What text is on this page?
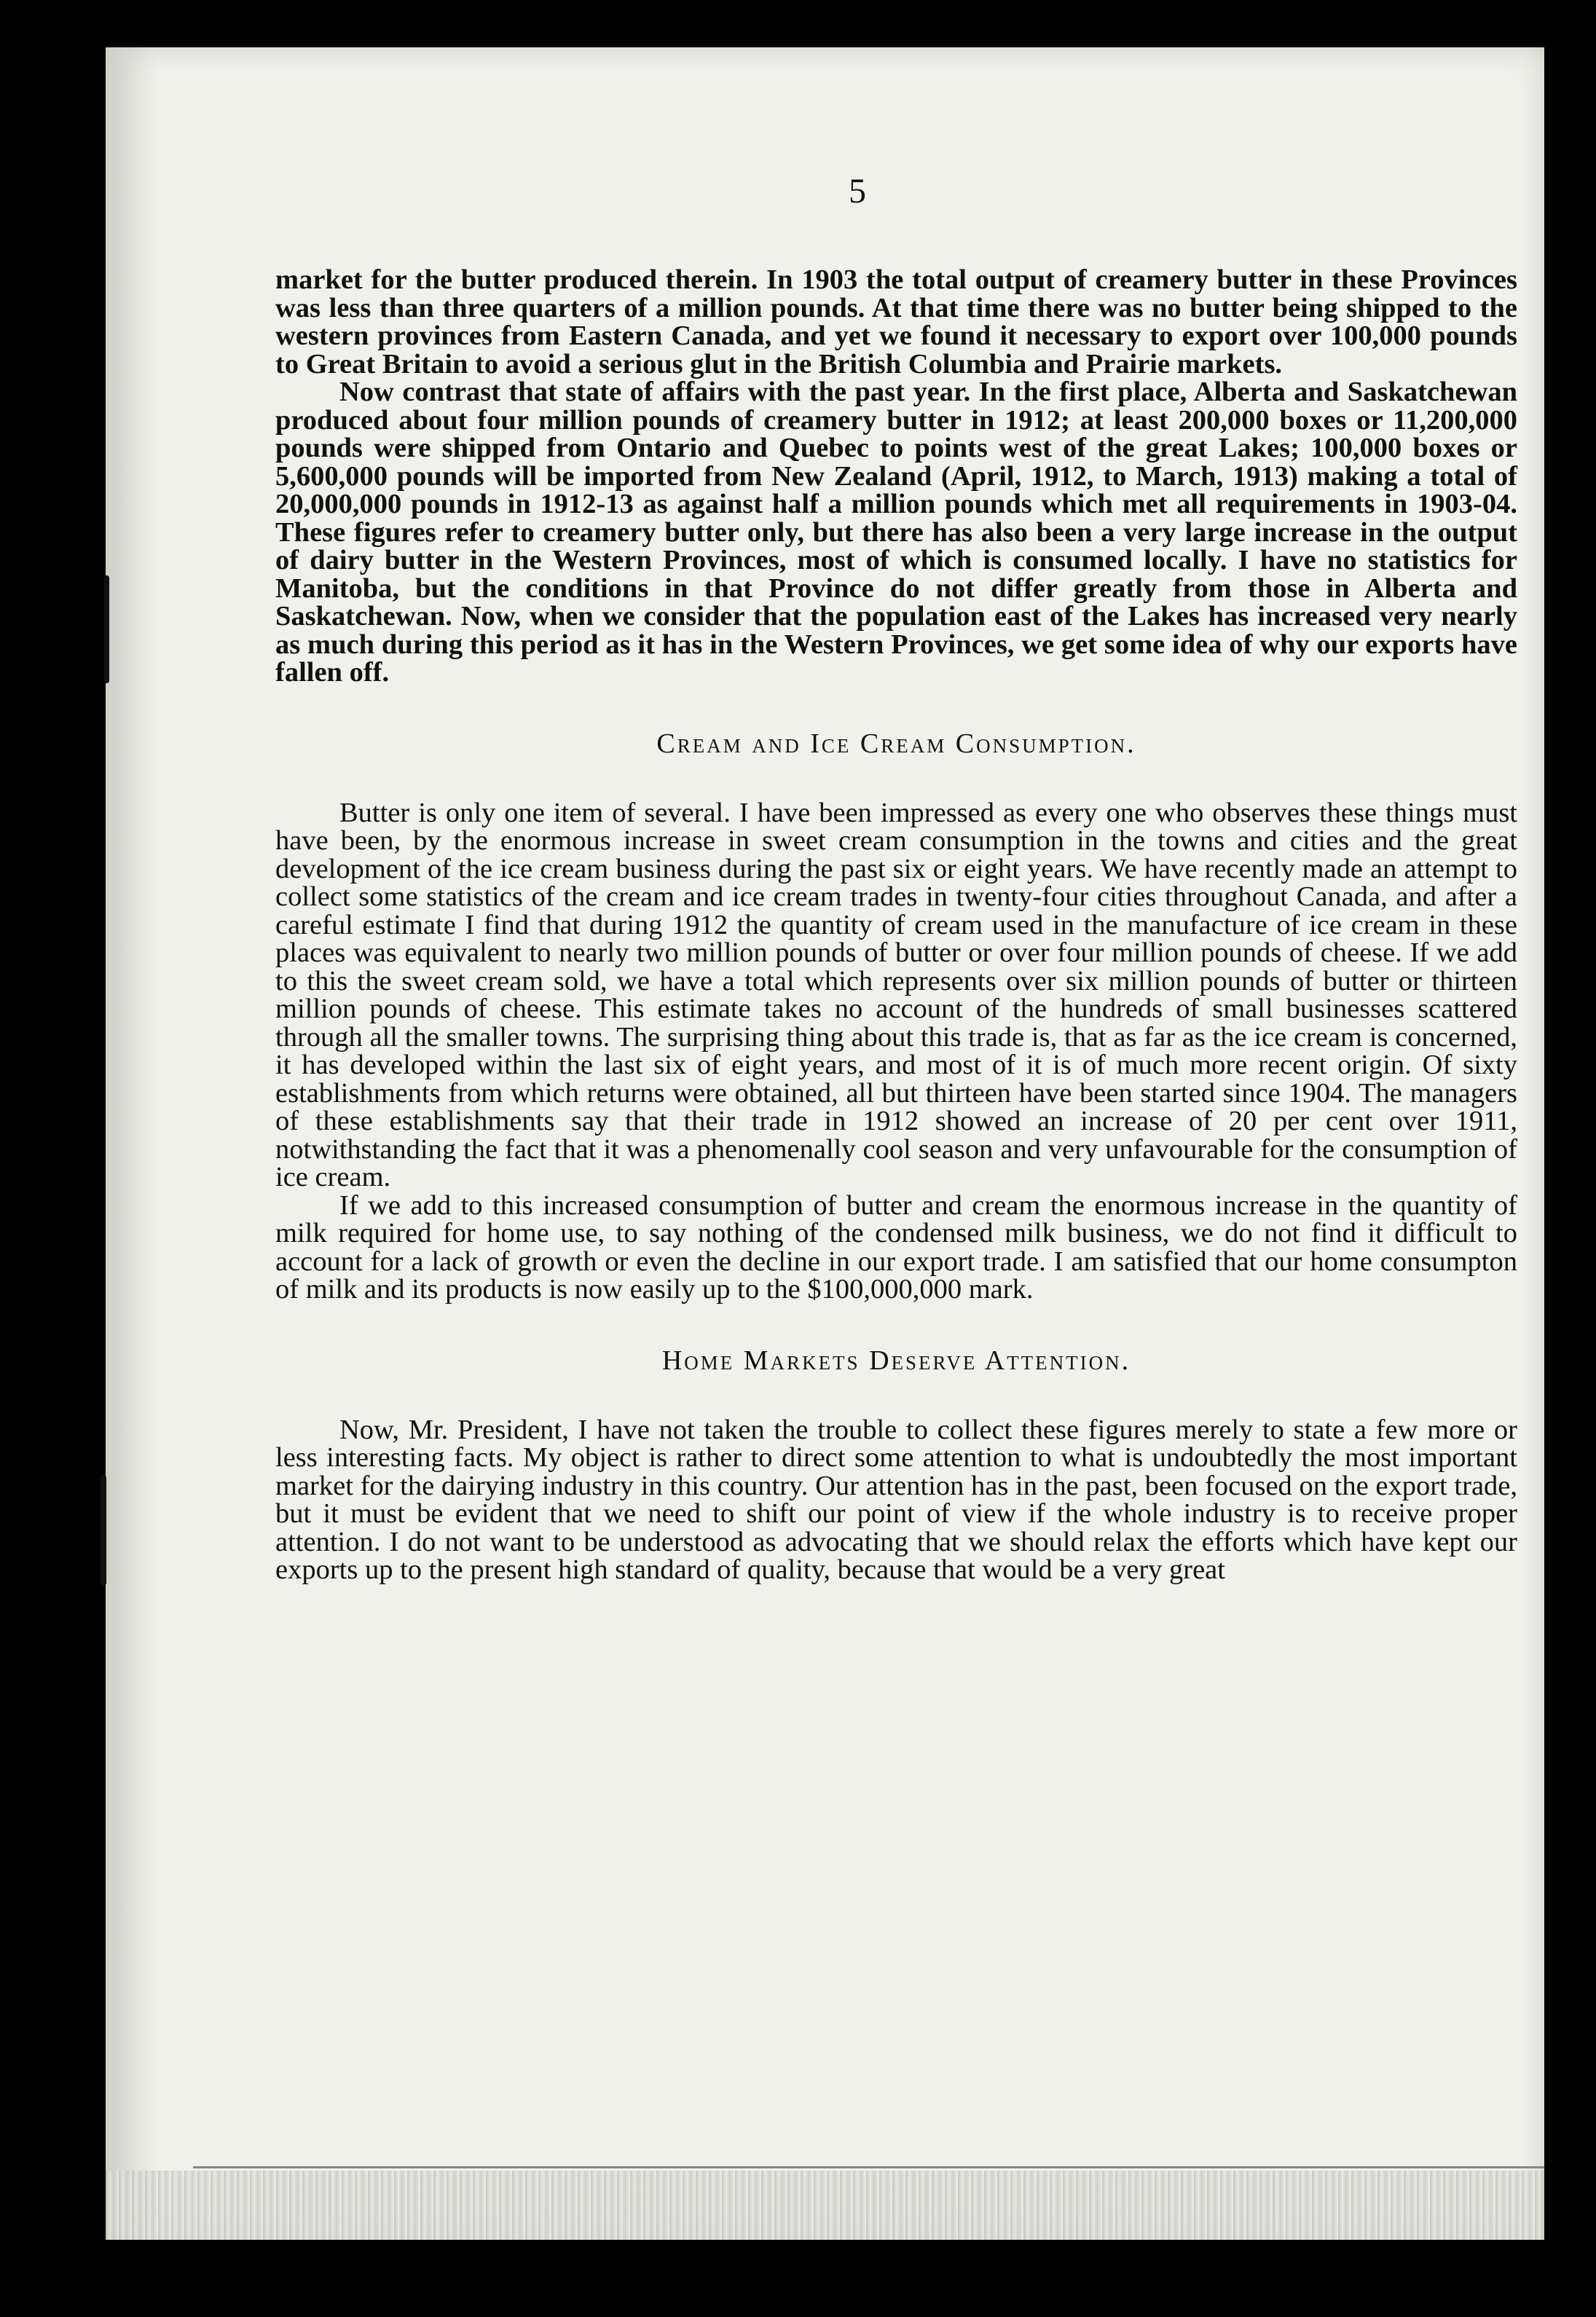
5

market for the butter produced therein. In 1903 the total output of creamery butter in these Provinces was less than three quarters of a million pounds. At that time there was no butter being shipped to the western provinces from Eastern Canada, and yet we found it necessary to export over 100,000 pounds to Great Britain to avoid a serious glut in the British Columbia and Prairie markets.

Now contrast that state of affairs with the past year. In the first place, Alberta and Saskatchewan produced about four million pounds of creamery butter in 1912; at least 200,000 boxes or 11,200,000 pounds were shipped from Ontario and Quebec to points west of the great Lakes; 100,000 boxes or 5,600,000 pounds will be imported from New Zealand (April, 1912, to March, 1913) making a total of 20,000,000 pounds in 1912-13 as against half a million pounds which met all requirements in 1903-04. These figures refer to creamery butter only, but there has also been a very large increase in the output of dairy butter in the Western Provinces, most of which is consumed locally. I have no statistics for Manitoba, but the conditions in that Province do not differ greatly from those in Alberta and Saskatchewan. Now, when we consider that the population east of the Lakes has increased very nearly as much during this period as it has in the Western Provinces, we get some idea of why our exports have fallen off.

Cream and Ice Cream Consumption.

Butter is only one item of several. I have been impressed as every one who observes these things must have been, by the enormous increase in sweet cream consumption in the towns and cities and the great development of the ice cream business during the past six or eight years. We have recently made an attempt to collect some statistics of the cream and ice cream trades in twenty-four cities throughout Canada, and after a careful estimate I find that during 1912 the quantity of cream used in the manufacture of ice cream in these places was equivalent to nearly two million pounds of butter or over four million pounds of cheese. If we add to this the sweet cream sold, we have a total which represents over six million pounds of butter or thirteen million pounds of cheese. This estimate takes no account of the hundreds of small businesses scattered through all the smaller towns. The surprising thing about this trade is, that as far as the ice cream is concerned, it has developed within the last six of eight years, and most of it is of much more recent origin. Of sixty establishments from which returns were obtained, all but thirteen have been started since 1904. The managers of these establishments say that their trade in 1912 showed an increase of 20 per cent over 1911, notwithstanding the fact that it was a phenomenally cool season and very unfavourable for the consumption of ice cream.

If we add to this increased consumption of butter and cream the enormous increase in the quantity of milk required for home use, to say nothing of the condensed milk business, we do not find it difficult to account for a lack of growth or even the decline in our export trade. I am satisfied that our home consumpton of milk and its products is now easily up to the $100,000,000 mark.

Home Markets Deserve Attention.

Now, Mr. President, I have not taken the trouble to collect these figures merely to state a few more or less interesting facts. My object is rather to direct some attention to what is undoubtedly the most important market for the dairying industry in this country. Our attention has in the past, been focused on the export trade, but it must be evident that we need to shift our point of view if the whole industry is to receive proper attention. I do not want to be understood as advocating that we should relax the efforts which have kept our exports up to the present high standard of quality, because that would be a very great
